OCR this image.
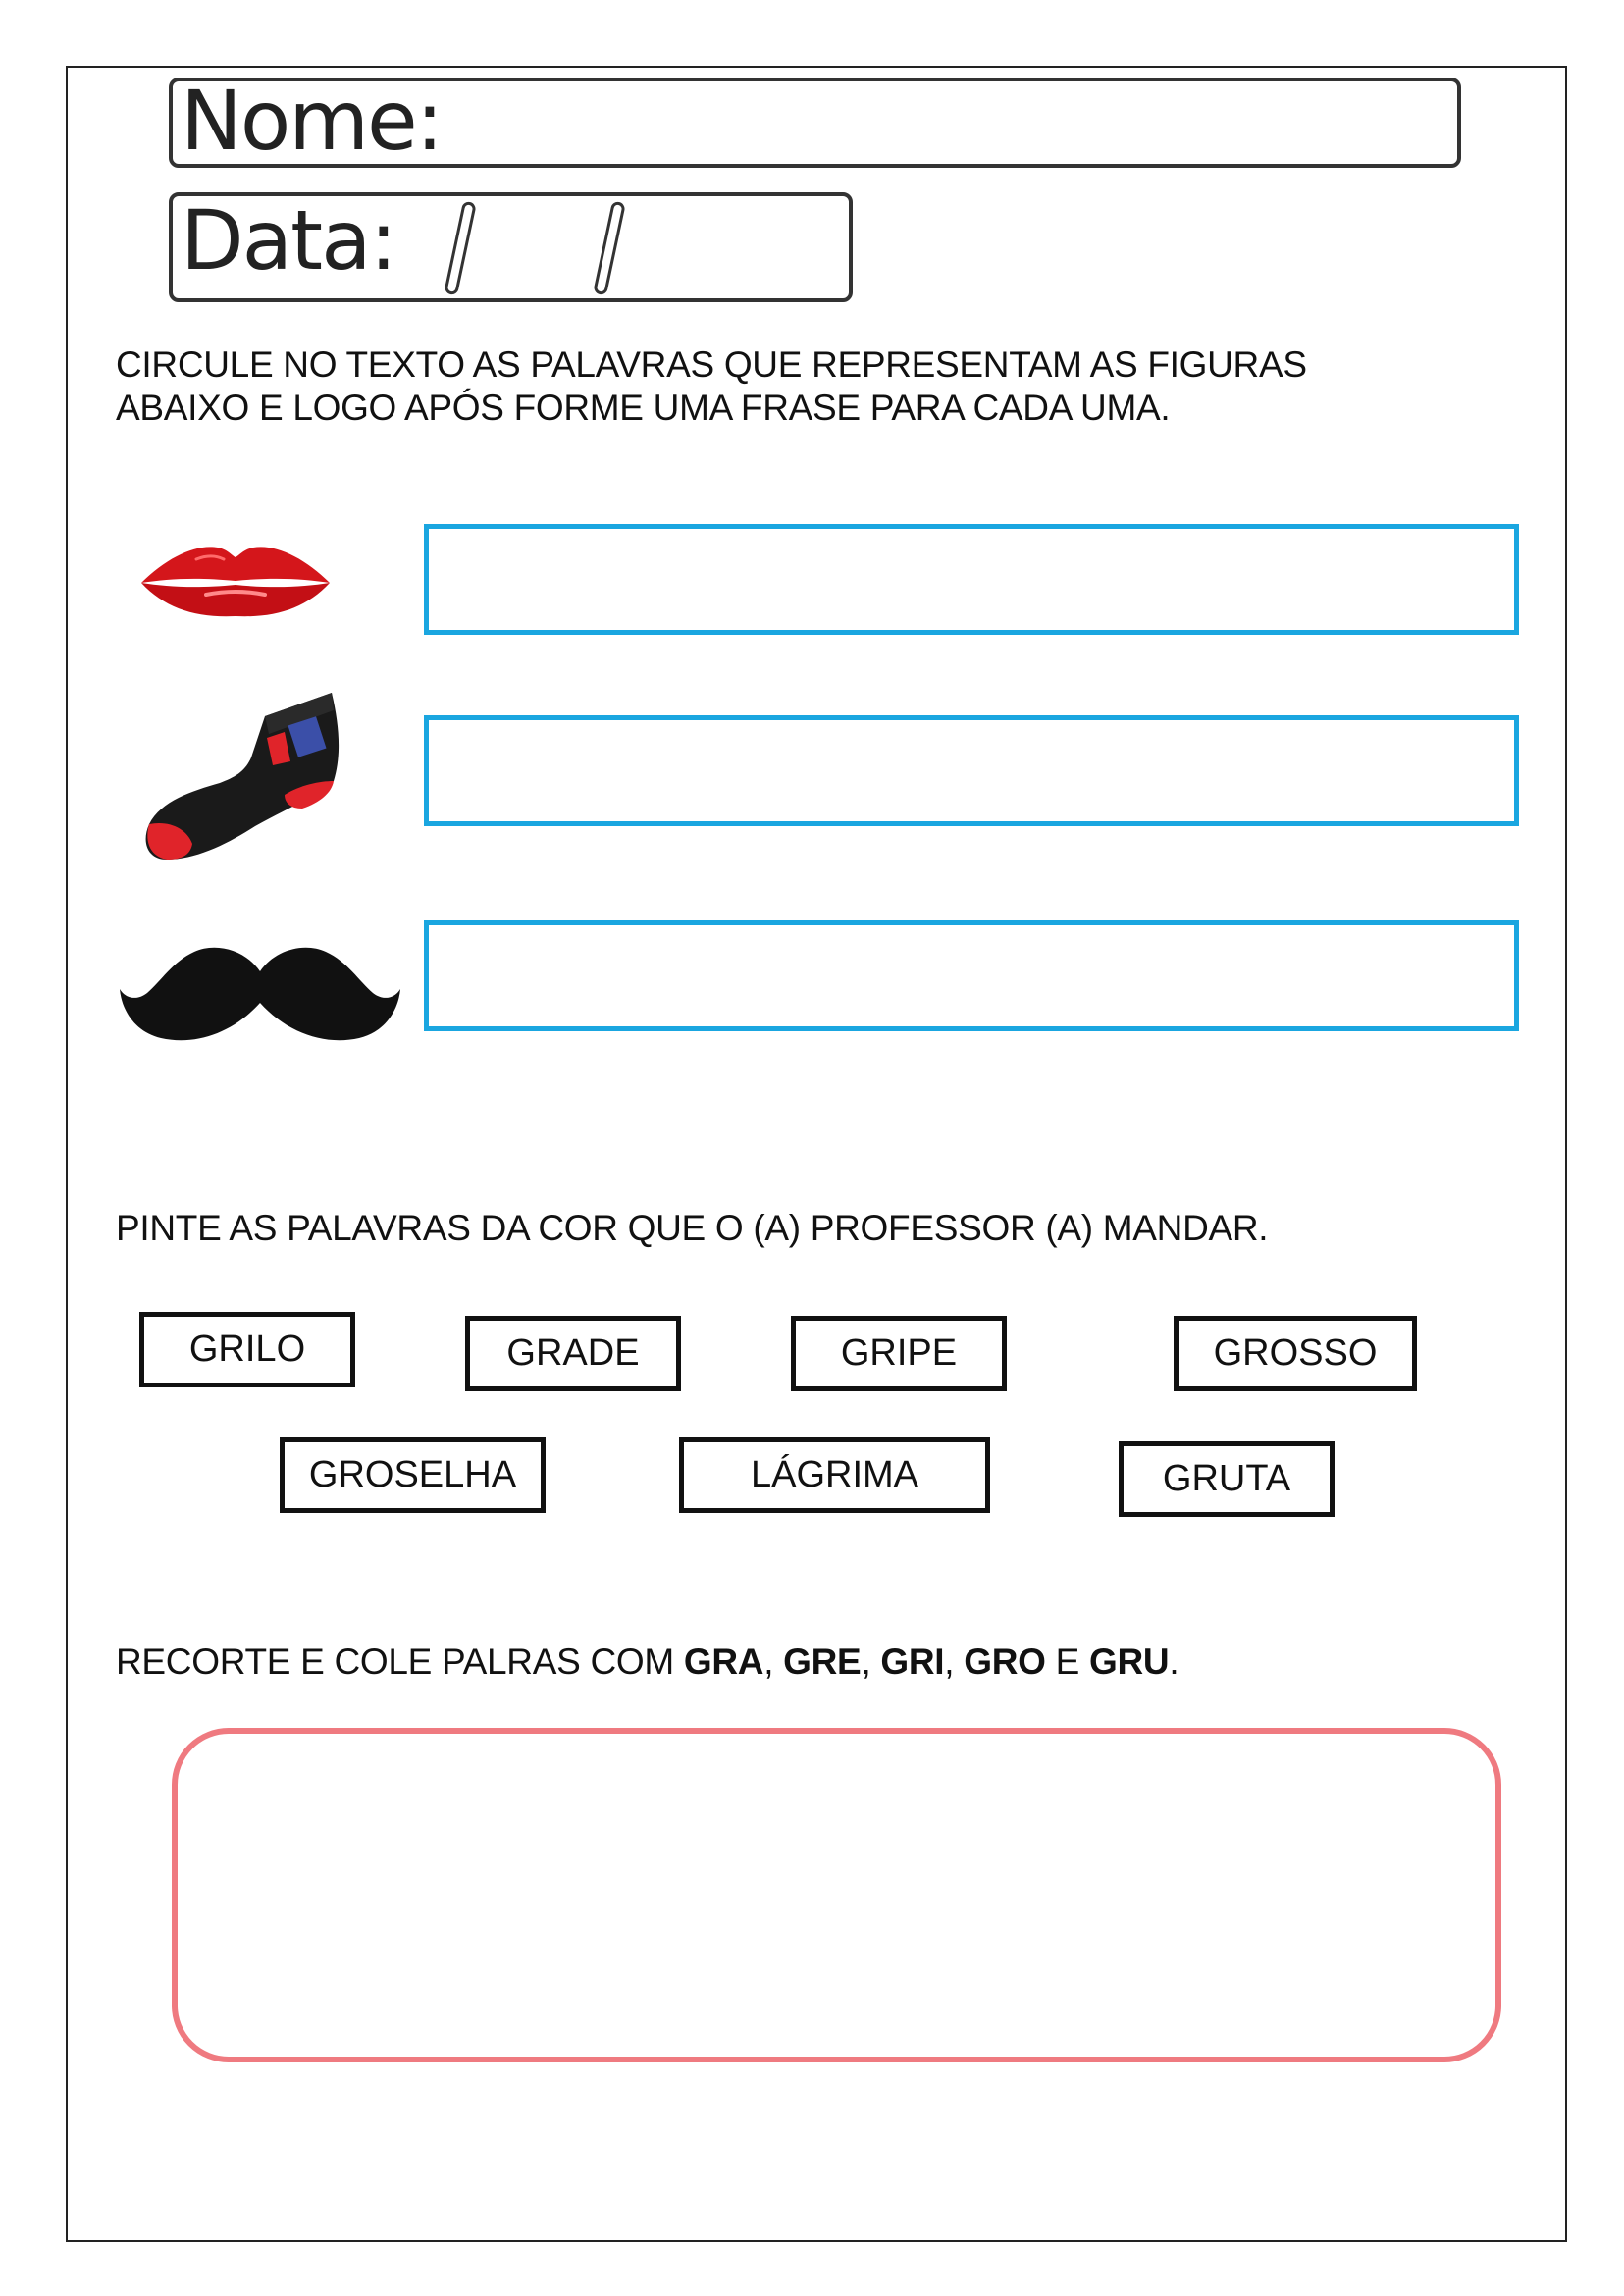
Nome:
Data:

CIRCULE NO TEXTO AS PALAVRAS QUE REPRESENTAM AS FIGURAS
ABAIXO E LOGO APÓS FORME UMA FRASE PARA CADA UMA.

PINTE AS PALAVRAS DA COR QUE O (A) PROFESSOR (A) MANDAR.

GRILO	GRADE	GRIPE	GROSSO
GROSELHA	LÁGRIMA	GRUTA

RECORTE E COLE PALRAS COM GRA, GRE, GRI, GRO E GRU.
